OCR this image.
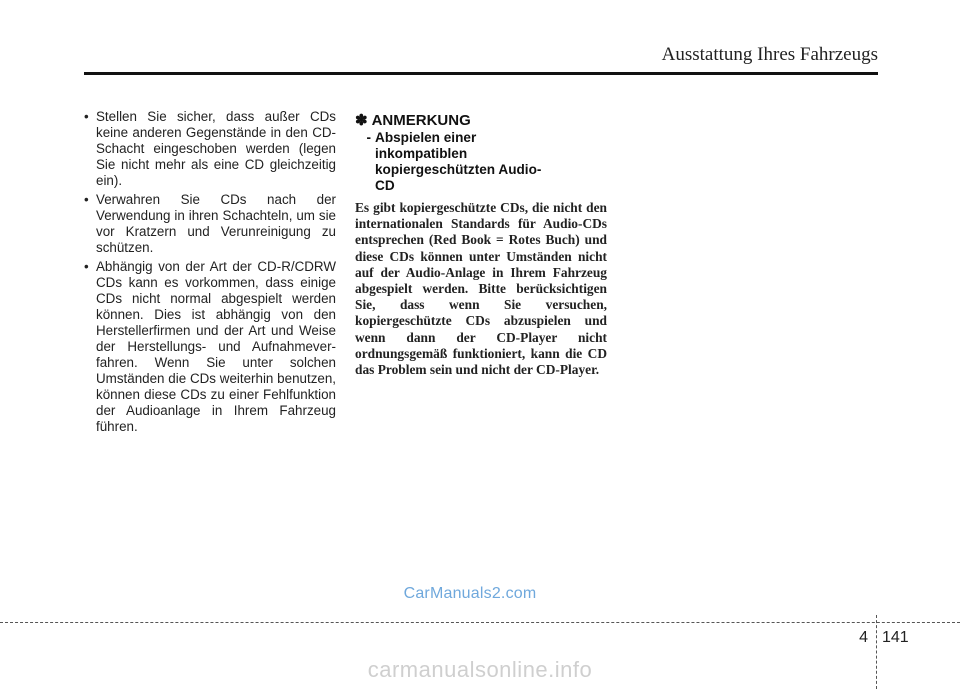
Ausstattung Ihres Fahrzeugs
• Stellen Sie sicher, dass außer CDs keine anderen Gegenstände in den CD-Schacht eingeschoben werden (legen Sie nicht mehr als eine CD gleichzeitig ein).
• Verwahren Sie CDs nach der Verwendung in ihren Schachteln, um sie vor Kratzern und Verunreinigung zu schützen.
• Abhängig von der Art der CD-R/CDRW CDs kann es vorkommen, dass einige CDs nicht normal abgespielt werden können. Dies ist abhängig von den Herstellerfirmen und der Art und Weise der Herstellungs- und Aufnahmever-fahren. Wenn Sie unter solchen Umständen die CDs weiterhin benutzen, können diese CDs zu einer Fehlfunktion der Audioanlage in Ihrem Fahrzeug führen.
✽ ANMERKUNG
- Abspielen einer inkompatiblen kopiergeschützten Audio-CD
Es gibt kopiergeschützte CDs, die nicht den internationalen Standards für Audio-CDs entsprechen (Red Book = Rotes Buch) und diese CDs können unter Umständen nicht auf der Audio-Anlage in Ihrem Fahrzeug abgespielt werden. Bitte berücksichtigen Sie, dass wenn Sie versuchen, kopiergeschützte CDs abzuspielen und wenn dann der CD-Player nicht ordnungsgemäß funktioniert, kann die CD das Problem sein und nicht der CD-Player.
CarManuals2.com
4 141
carmanualsonline.info
